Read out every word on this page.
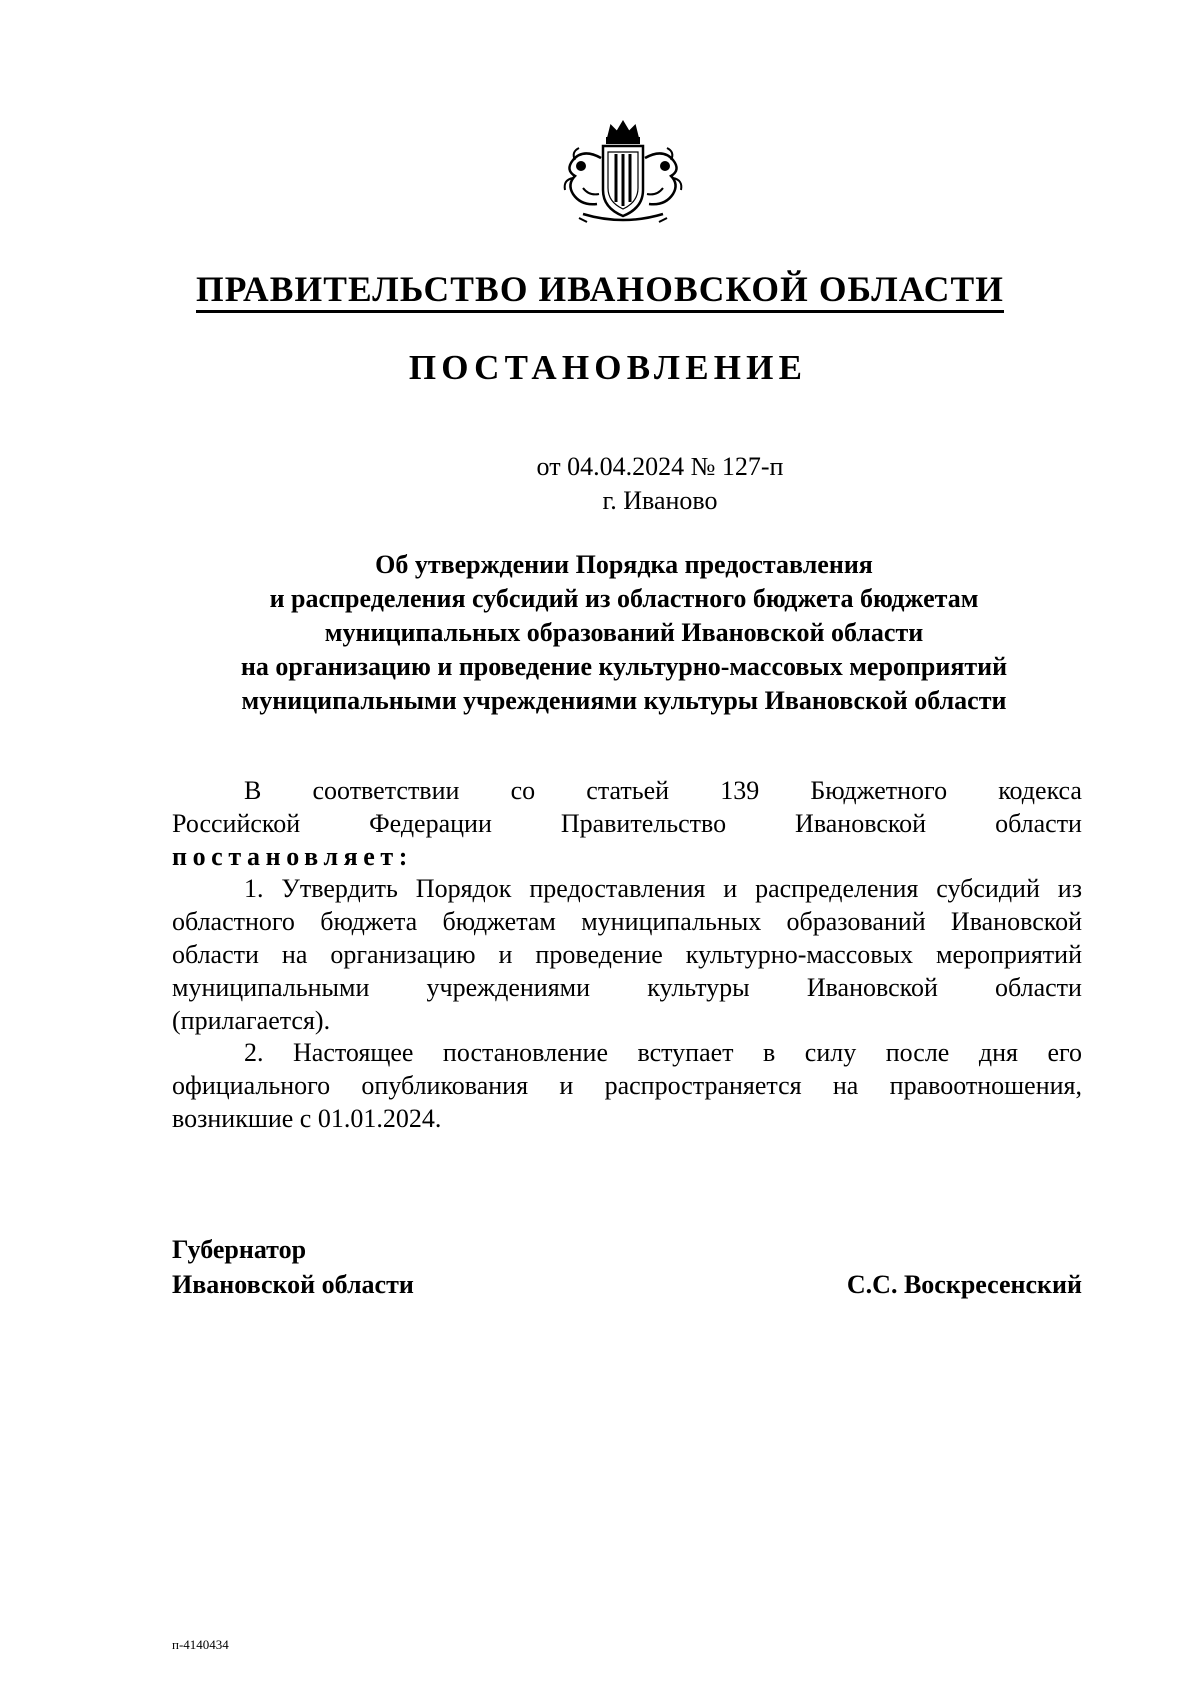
ПРАВИТЕЛЬСТВО ИВАНОВСКОЙ ОБЛАСТИ
ПОСТАНОВЛЕНИЕ
от 04.04.2024 № 127-п
г. Иваново
Об утверждении Порядка предоставления
и распределения субсидий из областного бюджета бюджетам
муниципальных образований Ивановской области
на организацию и проведение культурно-массовых мероприятий
муниципальными учреждениями культуры Ивановской области
В соответствии со статьей 139 Бюджетного кодекса
Российской	Федерации	Правительство	Ивановской	области
постановляет:
1. Утвердить Порядок предоставления и распределения субсидий из
областного бюджета бюджетам муниципальных образований Ивановской
области на организацию и проведение культурно-массовых мероприятий
муниципальными учреждениями культуры Ивановской области
(прилагается).
2. Настоящее постановление вступает в силу после дня его
официального опубликования и распространяется на правоотношения,
возникшие с 01.01.2024.
Губернатор
Ивановской области	С.С. Воскресенский
п-4140434
